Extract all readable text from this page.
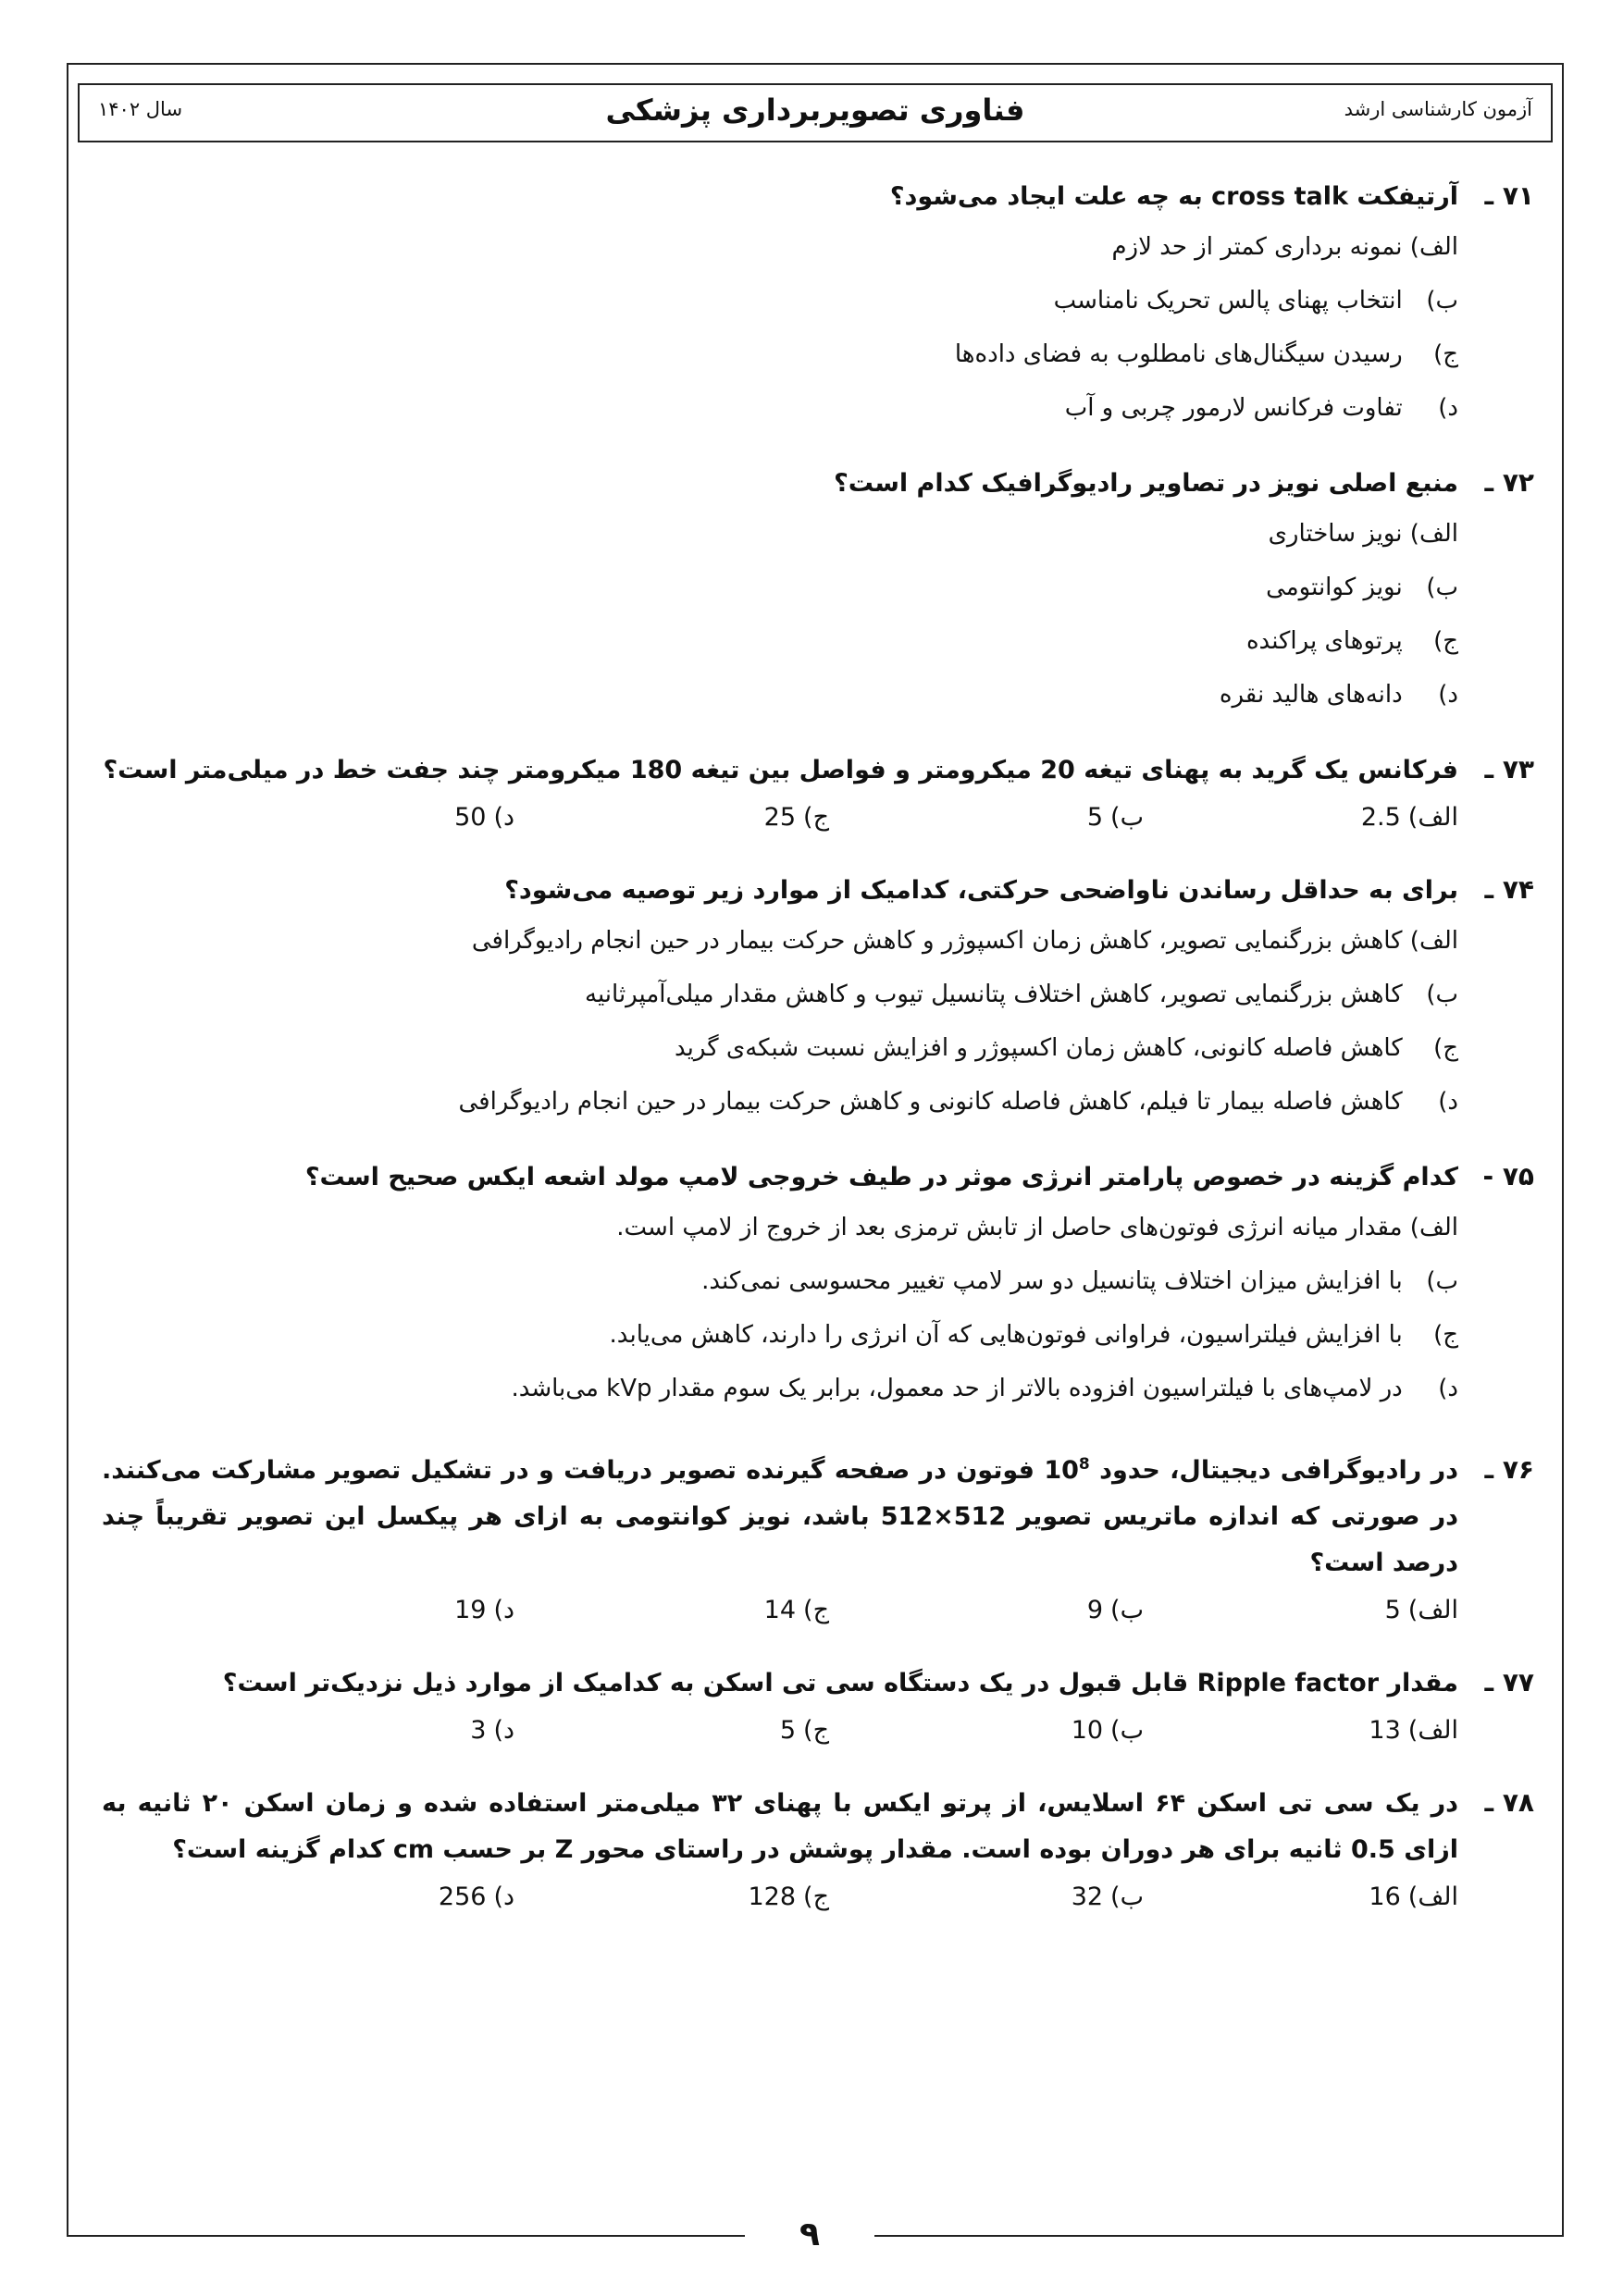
آزمون کارشناسی ارشد
فناوری تصویربرداری پزشکی
سال ۱۴۰۲
۷۱ ـ
آرتیفکت cross talk به چه علت ایجاد می‌شود؟
الف) نمونه برداری کمتر از حد لازم
ب) انتخاب پهنای پالس تحریک نامناسب
ج) رسیدن سیگنال‌های نامطلوب به فضای داده‌ها
د) تفاوت فرکانس لارمور چربی و آب
۷۲ ـ
منبع اصلی نویز در تصاویر رادیوگرافیک کدام است؟
الف) نویز ساختاری
ب) نویز کوانتومی
ج) پرتوهای پراکنده
د) دانه‌های هالید نقره
۷۳ ـ
فرکانس یک گرید به پهنای تیغه 20 میکرومتر و فواصل بین تیغه 180 میکرومتر چند جفت خط در میلی‌متر است؟
الف)2.5
ب)5
ج)25
د)50
۷۴ ـ
برای به حداقل رساندن ناواضحی حرکتی، کدامیک از موارد زیر توصیه می‌شود؟
الف) کاهش بزرگنمایی تصویر، کاهش زمان اکسپوژر و کاهش حرکت بیمار در حین انجام رادیوگرافی
ب) کاهش بزرگنمایی تصویر، کاهش اختلاف پتانسیل تیوب و کاهش مقدار میلی‌آمپرثانیه
ج) کاهش فاصله کانونی، کاهش زمان اکسپوژر و افزایش نسبت شبکه‌ی گرید
د) کاهش فاصله بیمار تا فیلم، کاهش فاصله کانونی و کاهش حرکت بیمار در حین انجام رادیوگرافی
۷۵ -
کدام گزینه در خصوص پارامتر انرژی موثر در طیف خروجی لامپ مولد اشعه ایکس صحیح است؟
الف) مقدار میانه انرژی فوتون‌های حاصل از تابش ترمزی بعد از خروج از لامپ است.
ب) با افزایش میزان اختلاف پتانسیل دو سر لامپ تغییر محسوسی نمی‌کند.
ج) با افزایش فیلتراسیون، فراوانی فوتون‌هایی که آن انرژی را دارند، کاهش می‌یابد.
د) در لامپ‌های با فیلتراسیون افزوده بالاتر از حد معمول، برابر یک سوم مقدار kVp می‌باشد.
۷۶ ـ
در رادیوگرافی دیجیتال، حدود $10^8$ فوتون در صفحه گیرنده تصویر دریافت و در تشکیل تصویر مشارکت می‌کنند. در صورتی که اندازه ماتریس تصویر 512×512 باشد، نویز کوانتومی به ازای هر پیکسل این تصویر تقریباً چند درصد است؟
الف)5
ب)9
ج)14
د)19
۷۷ ـ
مقدار Ripple factor قابل قبول در یک دستگاه سی تی اسکن به کدامیک از موارد ذیل نزدیک‌تر است؟
الف)13
ب)10
ج)5
د)3
۷۸ ـ
در یک سی تی اسکن ۶۴ اسلایس، از پرتو ایکس با پهنای ۳۲ میلی‌متر استفاده شده و زمان اسکن ۲۰ ثانیه به ازای 0.5 ثانیه برای هر دوران بوده است. مقدار پوشش در راستای محور Z بر حسب cm کدام گزینه است؟
الف)16
ب)32
ج)128
د)256
۹
